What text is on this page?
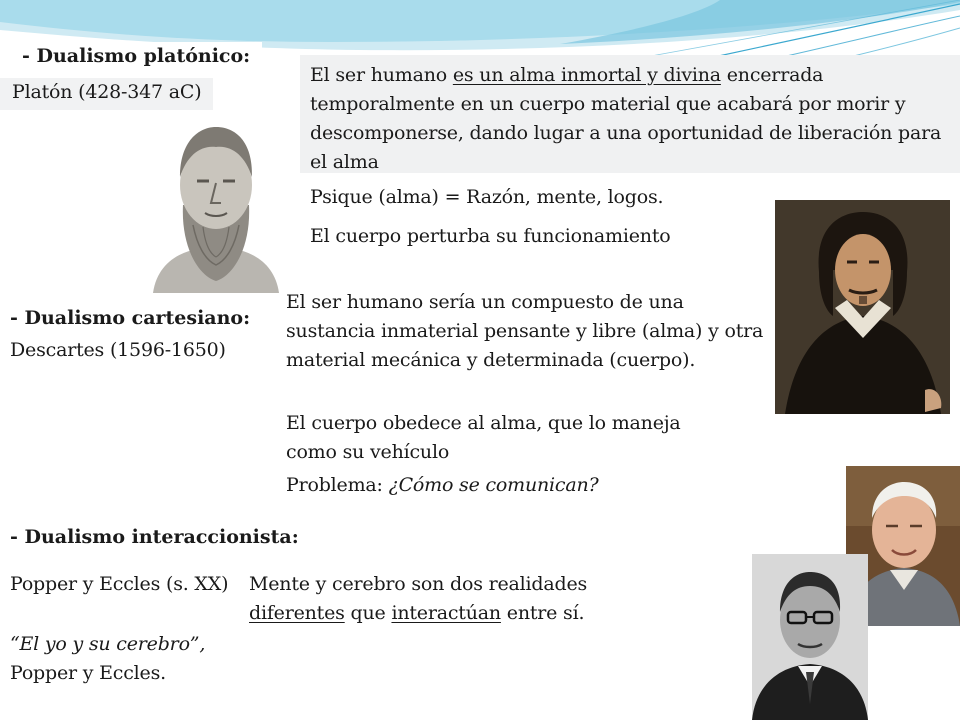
- Dualismo platónico:
Platón (428-347 aC)
El ser humano es un alma inmortal y divina encerrada temporalmente en un cuerpo material que acabará por morir y descomponerse, dando lugar a una oportunidad de liberación para el alma
Psique (alma) = Razón, mente, logos.
El cuerpo perturba su funcionamiento
- Dualismo cartesiano:
Descartes (1596-1650)
El ser humano sería un compuesto de una sustancia inmaterial pensante y libre (alma) y otra material mecánica y determinada (cuerpo).
El cuerpo obedece al alma, que lo maneja como su vehículo
Problema: ¿Cómo se comunican?
- Dualismo interaccionista:
Popper y Eccles (s. XX)
“El yo y su cerebro”,
Popper y Eccles.
Mente y cerebro son dos realidades diferentes que interactúan entre sí.
